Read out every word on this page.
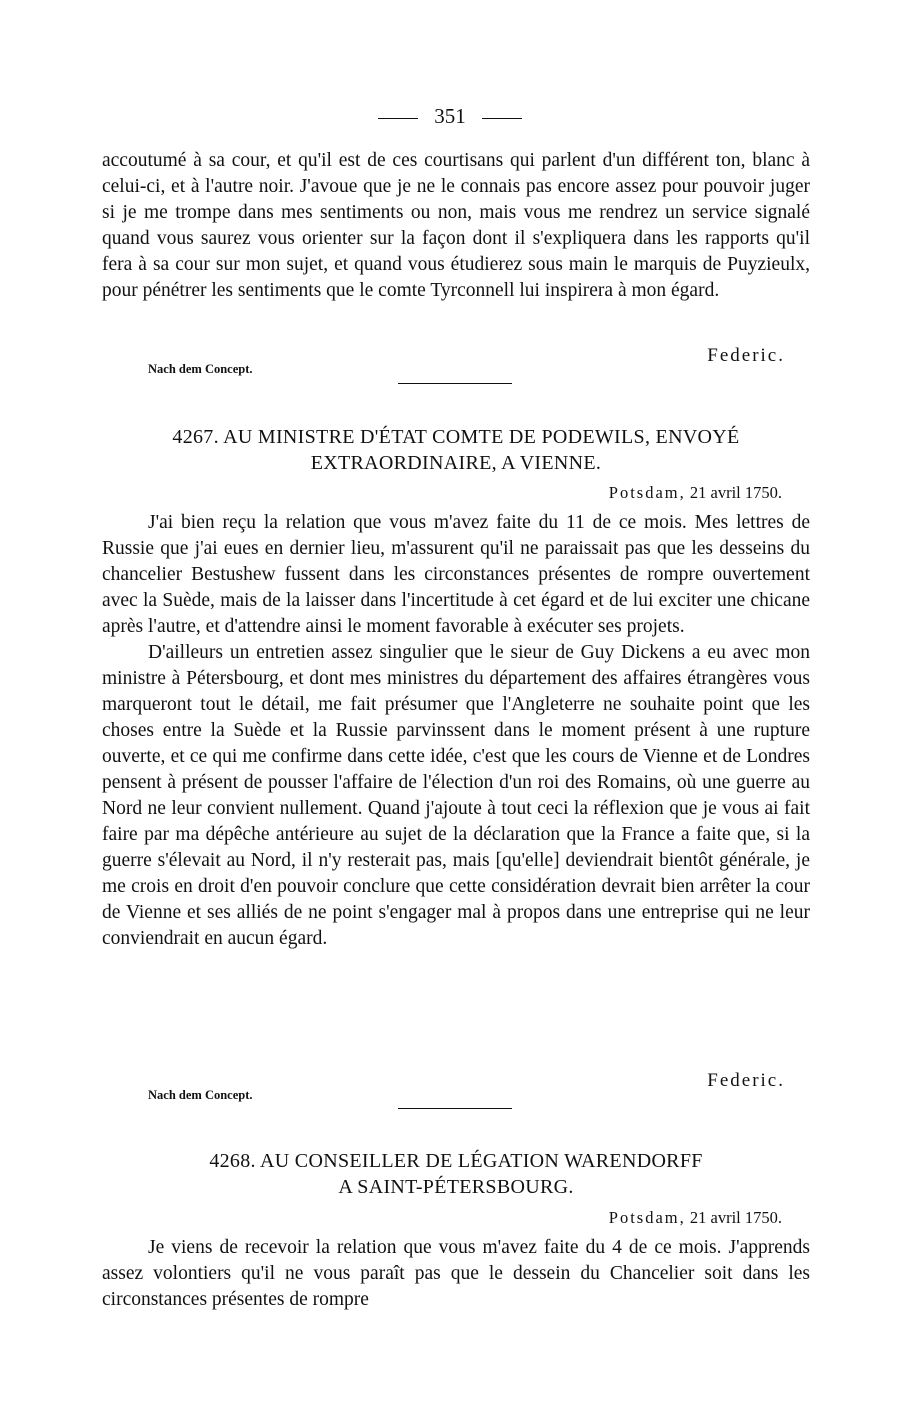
351

accoutumé à sa cour, et qu'il est de ces courtisans qui parlent d'un différent ton, blanc à celui-ci, et à l'autre noir. J'avoue que je ne le connais pas encore assez pour pouvoir juger si je me trompe dans mes sentiments ou non, mais vous me rendrez un service signalé quand vous saurez vous orienter sur la façon dont il s'expliquera dans les rapports qu'il fera à sa cour sur mon sujet, et quand vous étudierez sous main le marquis de Puyzieulx, pour pénétrer les sentiments que le comte Tyrconnell lui inspirera à mon égard.

Federic.
Nach dem Concept.
4267. AU MINISTRE D'ÉTAT COMTE DE PODEWILS, ENVOYÉ
EXTRAORDINAIRE, A VIENNE.
Potsdam, 21 avril 1750.

J'ai bien reçu la relation que vous m'avez faite du 11 de ce mois. Mes lettres de Russie que j'ai eues en dernier lieu, m'assurent qu'il ne paraissait pas que les desseins du chancelier Bestushew fussent dans les circonstances présentes de rompre ouvertement avec la Suède, mais de la laisser dans l'incertitude à cet égard et de lui exciter une chicane après l'autre, et d'attendre ainsi le moment favorable à exécuter ses projets.

D'ailleurs un entretien assez singulier que le sieur de Guy Dickens a eu avec mon ministre à Pétersbourg, et dont mes ministres du département des affaires étrangères vous marqueront tout le détail, me fait présumer que l'Angleterre ne souhaite point que les choses entre la Suède et la Russie parvinssent dans le moment présent à une rupture ouverte, et ce qui me confirme dans cette idée, c'est que les cours de Vienne et de Londres pensent à présent de pousser l'affaire de l'élection d'un roi des Romains, où une guerre au Nord ne leur convient nullement. Quand j'ajoute à tout ceci la réflexion que je vous ai fait faire par ma dépêche antérieure au sujet de la déclaration que la France a faite que, si la guerre s'élevait au Nord, il n'y resterait pas, mais [qu'elle] deviendrait bientôt générale, je me crois en droit d'en pouvoir conclure que cette considération devrait bien arrêter la cour de Vienne et ses alliés de ne point s'engager mal à propos dans une entreprise qui ne leur conviendrait en aucun égard.

Federic.
Nach dem Concept.
4268. AU CONSEILLER DE LÉGATION WARENDORFF
A SAINT-PÉTERSBOURG.
Potsdam, 21 avril 1750.

Je viens de recevoir la relation que vous m'avez faite du 4 de ce mois. J'apprends assez volontiers qu'il ne vous paraît pas que le dessein du Chancelier soit dans les circonstances présentes de rompre
